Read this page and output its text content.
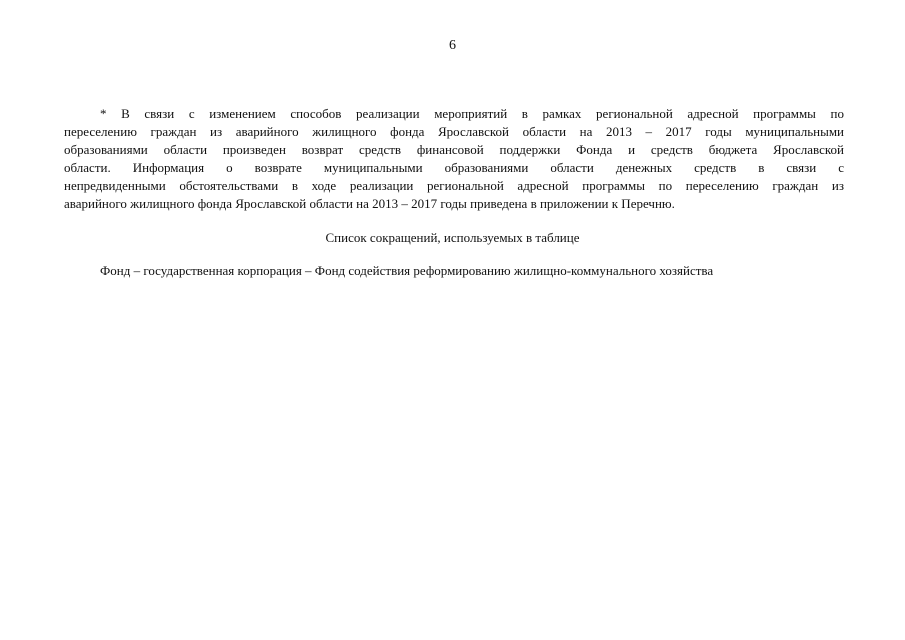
6
* В связи с изменением способов реализации мероприятий в рамках региональной адресной программы по
переселению граждан из аварийного жилищного фонда Ярославской области на 2013 – 2017 годы муниципальными
образованиями области произведен возврат средств финансовой поддержки Фонда и средств бюджета Ярославской
области. Информация о возврате муниципальными образованиями области денежных средств в связи с
непредвиденными обстоятельствами в ходе реализации региональной адресной программы по переселению граждан из
аварийного жилищного фонда Ярославской области на 2013 – 2017 годы приведена в приложении к Перечню.
Список сокращений, используемых в таблице
Фонд – государственная корпорация – Фонд содействия реформированию жилищно-коммунального хозяйства
